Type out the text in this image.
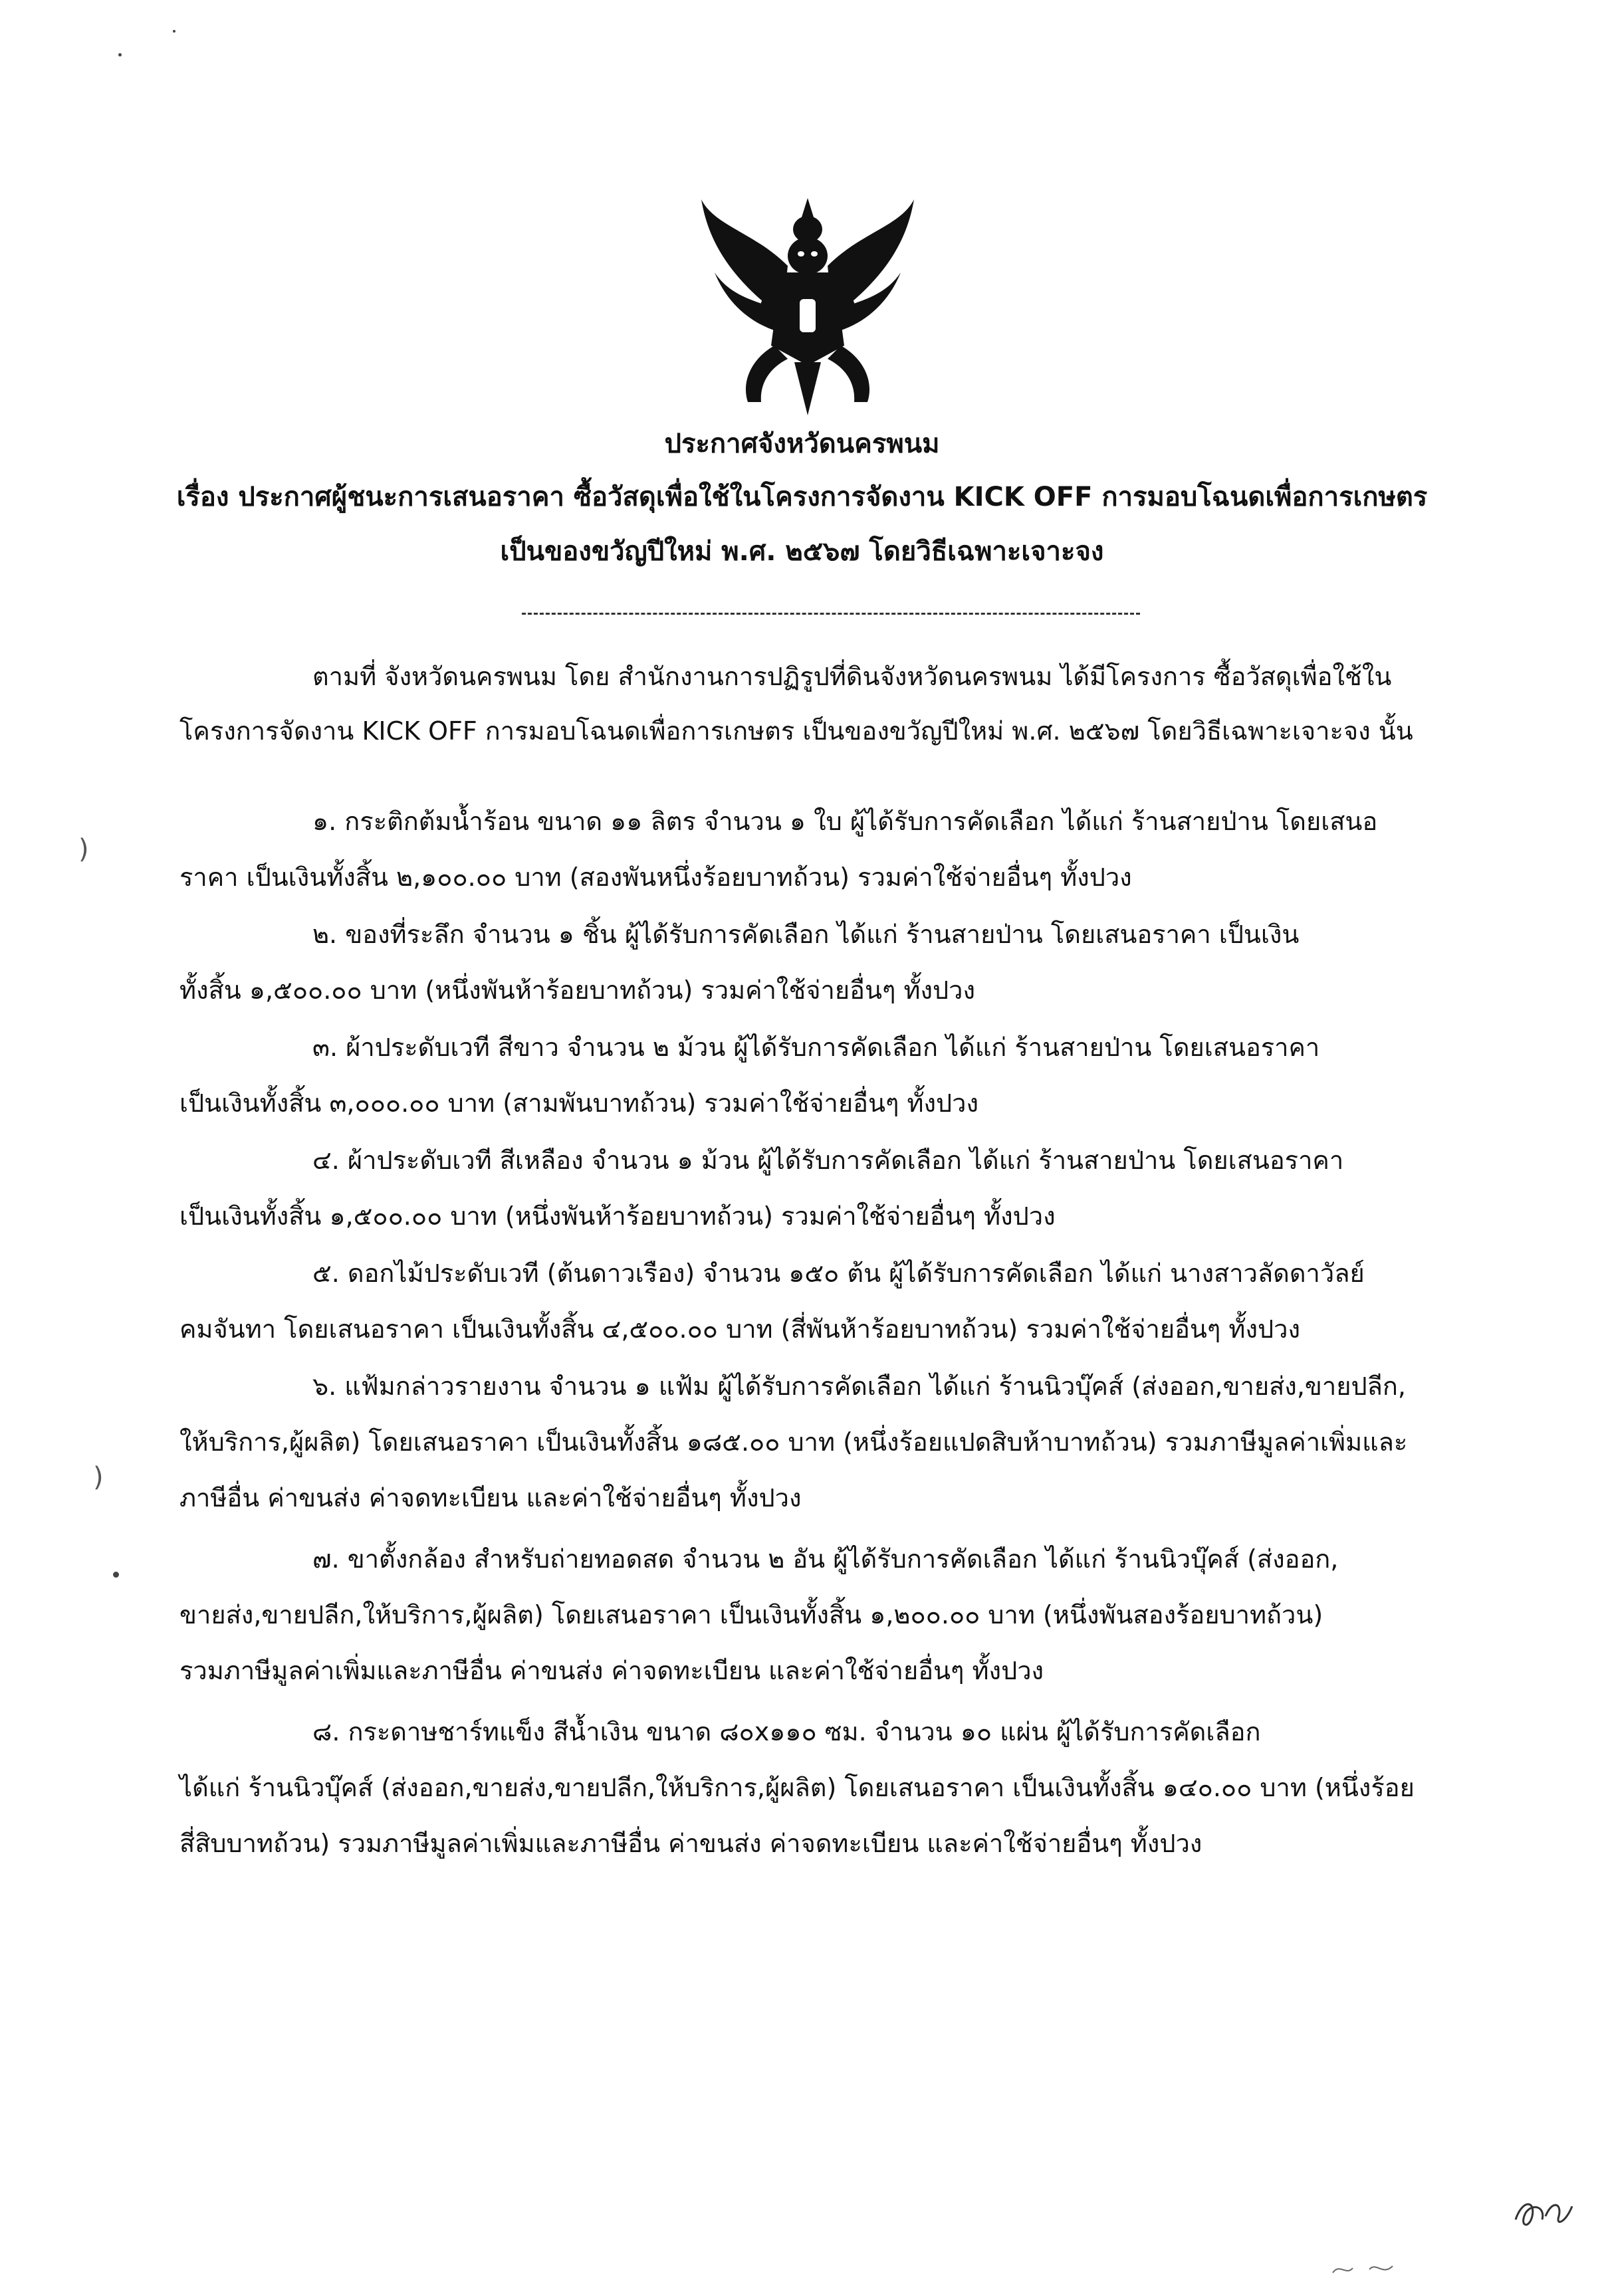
ประกาศจังหวัดนครพนม
เรื่อง ประกาศผู้ชนะการเสนอราคา ซื้อวัสดุเพื่อใช้ในโครงการจัดงาน KICK OFF การมอบโฉนดเพื่อการเกษตร
เป็นของขวัญปีใหม่ พ.ศ. ๒๕๖๗ โดยวิธีเฉพาะเจาะจง
ตามที่ จังหวัดนครพนม โดย สำนักงานการปฏิรูปที่ดินจังหวัดนครพนม ได้มีโครงการ ซื้อวัสดุเพื่อใช้ใน
โครงการจัดงาน KICK OFF การมอบโฉนดเพื่อการเกษตร เป็นของขวัญปีใหม่ พ.ศ. ๒๕๖๗ โดยวิธีเฉพาะเจาะจง นั้น
๑. กระติกต้มน้ำร้อน ขนาด ๑๑ ลิตร จำนวน ๑ ใบ ผู้ได้รับการคัดเลือก ได้แก่ ร้านสายป่าน โดยเสนอ
ราคา เป็นเงินทั้งสิ้น ๒,๑๐๐.๐๐ บาท (สองพันหนึ่งร้อยบาทถ้วน) รวมค่าใช้จ่ายอื่นๆ ทั้งปวง
๒. ของที่ระลึก จำนวน ๑ ชิ้น ผู้ได้รับการคัดเลือก ได้แก่ ร้านสายป่าน โดยเสนอราคา เป็นเงิน
ทั้งสิ้น ๑,๕๐๐.๐๐ บาท (หนึ่งพันห้าร้อยบาทถ้วน) รวมค่าใช้จ่ายอื่นๆ ทั้งปวง
๓. ผ้าประดับเวที สีขาว จำนวน ๒ ม้วน ผู้ได้รับการคัดเลือก ได้แก่ ร้านสายป่าน โดยเสนอราคา
เป็นเงินทั้งสิ้น ๓,๐๐๐.๐๐ บาท (สามพันบาทถ้วน) รวมค่าใช้จ่ายอื่นๆ ทั้งปวง
๔. ผ้าประดับเวที สีเหลือง จำนวน ๑ ม้วน ผู้ได้รับการคัดเลือก ได้แก่ ร้านสายป่าน โดยเสนอราคา
เป็นเงินทั้งสิ้น ๑,๕๐๐.๐๐ บาท (หนึ่งพันห้าร้อยบาทถ้วน) รวมค่าใช้จ่ายอื่นๆ ทั้งปวง
๕. ดอกไม้ประดับเวที (ต้นดาวเรือง) จำนวน ๑๕๐ ต้น ผู้ได้รับการคัดเลือก ได้แก่ นางสาวลัดดาวัลย์
คมจันทา โดยเสนอราคา เป็นเงินทั้งสิ้น ๔,๕๐๐.๐๐ บาท (สี่พันห้าร้อยบาทถ้วน) รวมค่าใช้จ่ายอื่นๆ ทั้งปวง
๖. แฟ้มกล่าวรายงาน จำนวน ๑ แฟ้ม ผู้ได้รับการคัดเลือก ได้แก่ ร้านนิวบุ๊คส์ (ส่งออก,ขายส่ง,ขายปลีก,
ให้บริการ,ผู้ผลิต) โดยเสนอราคา เป็นเงินทั้งสิ้น ๑๘๕.๐๐ บาท (หนึ่งร้อยแปดสิบห้าบาทถ้วน) รวมภาษีมูลค่าเพิ่มและ
ภาษีอื่น ค่าขนส่ง ค่าจดทะเบียน และค่าใช้จ่ายอื่นๆ ทั้งปวง
๗. ขาตั้งกล้อง สำหรับถ่ายทอดสด จำนวน ๒ อัน ผู้ได้รับการคัดเลือก ได้แก่ ร้านนิวบุ๊คส์ (ส่งออก,
ขายส่ง,ขายปลีก,ให้บริการ,ผู้ผลิต) โดยเสนอราคา เป็นเงินทั้งสิ้น ๑,๒๐๐.๐๐ บาท (หนึ่งพันสองร้อยบาทถ้วน)
รวมภาษีมูลค่าเพิ่มและภาษีอื่น ค่าขนส่ง ค่าจดทะเบียน และค่าใช้จ่ายอื่นๆ ทั้งปวง
๘. กระดาษชาร์ทแข็ง สีน้ำเงิน ขนาด ๘๐x๑๑๐ ซม. จำนวน ๑๐ แผ่น ผู้ได้รับการคัดเลือก
ได้แก่ ร้านนิวบุ๊คส์ (ส่งออก,ขายส่ง,ขายปลีก,ให้บริการ,ผู้ผลิต) โดยเสนอราคา เป็นเงินทั้งสิ้น ๑๔๐.๐๐ บาท (หนึ่งร้อย
สี่สิบบาทถ้วน) รวมภาษีมูลค่าเพิ่มและภาษีอื่น ค่าขนส่ง ค่าจดทะเบียน และค่าใช้จ่ายอื่นๆ ทั้งปวง
)
)
